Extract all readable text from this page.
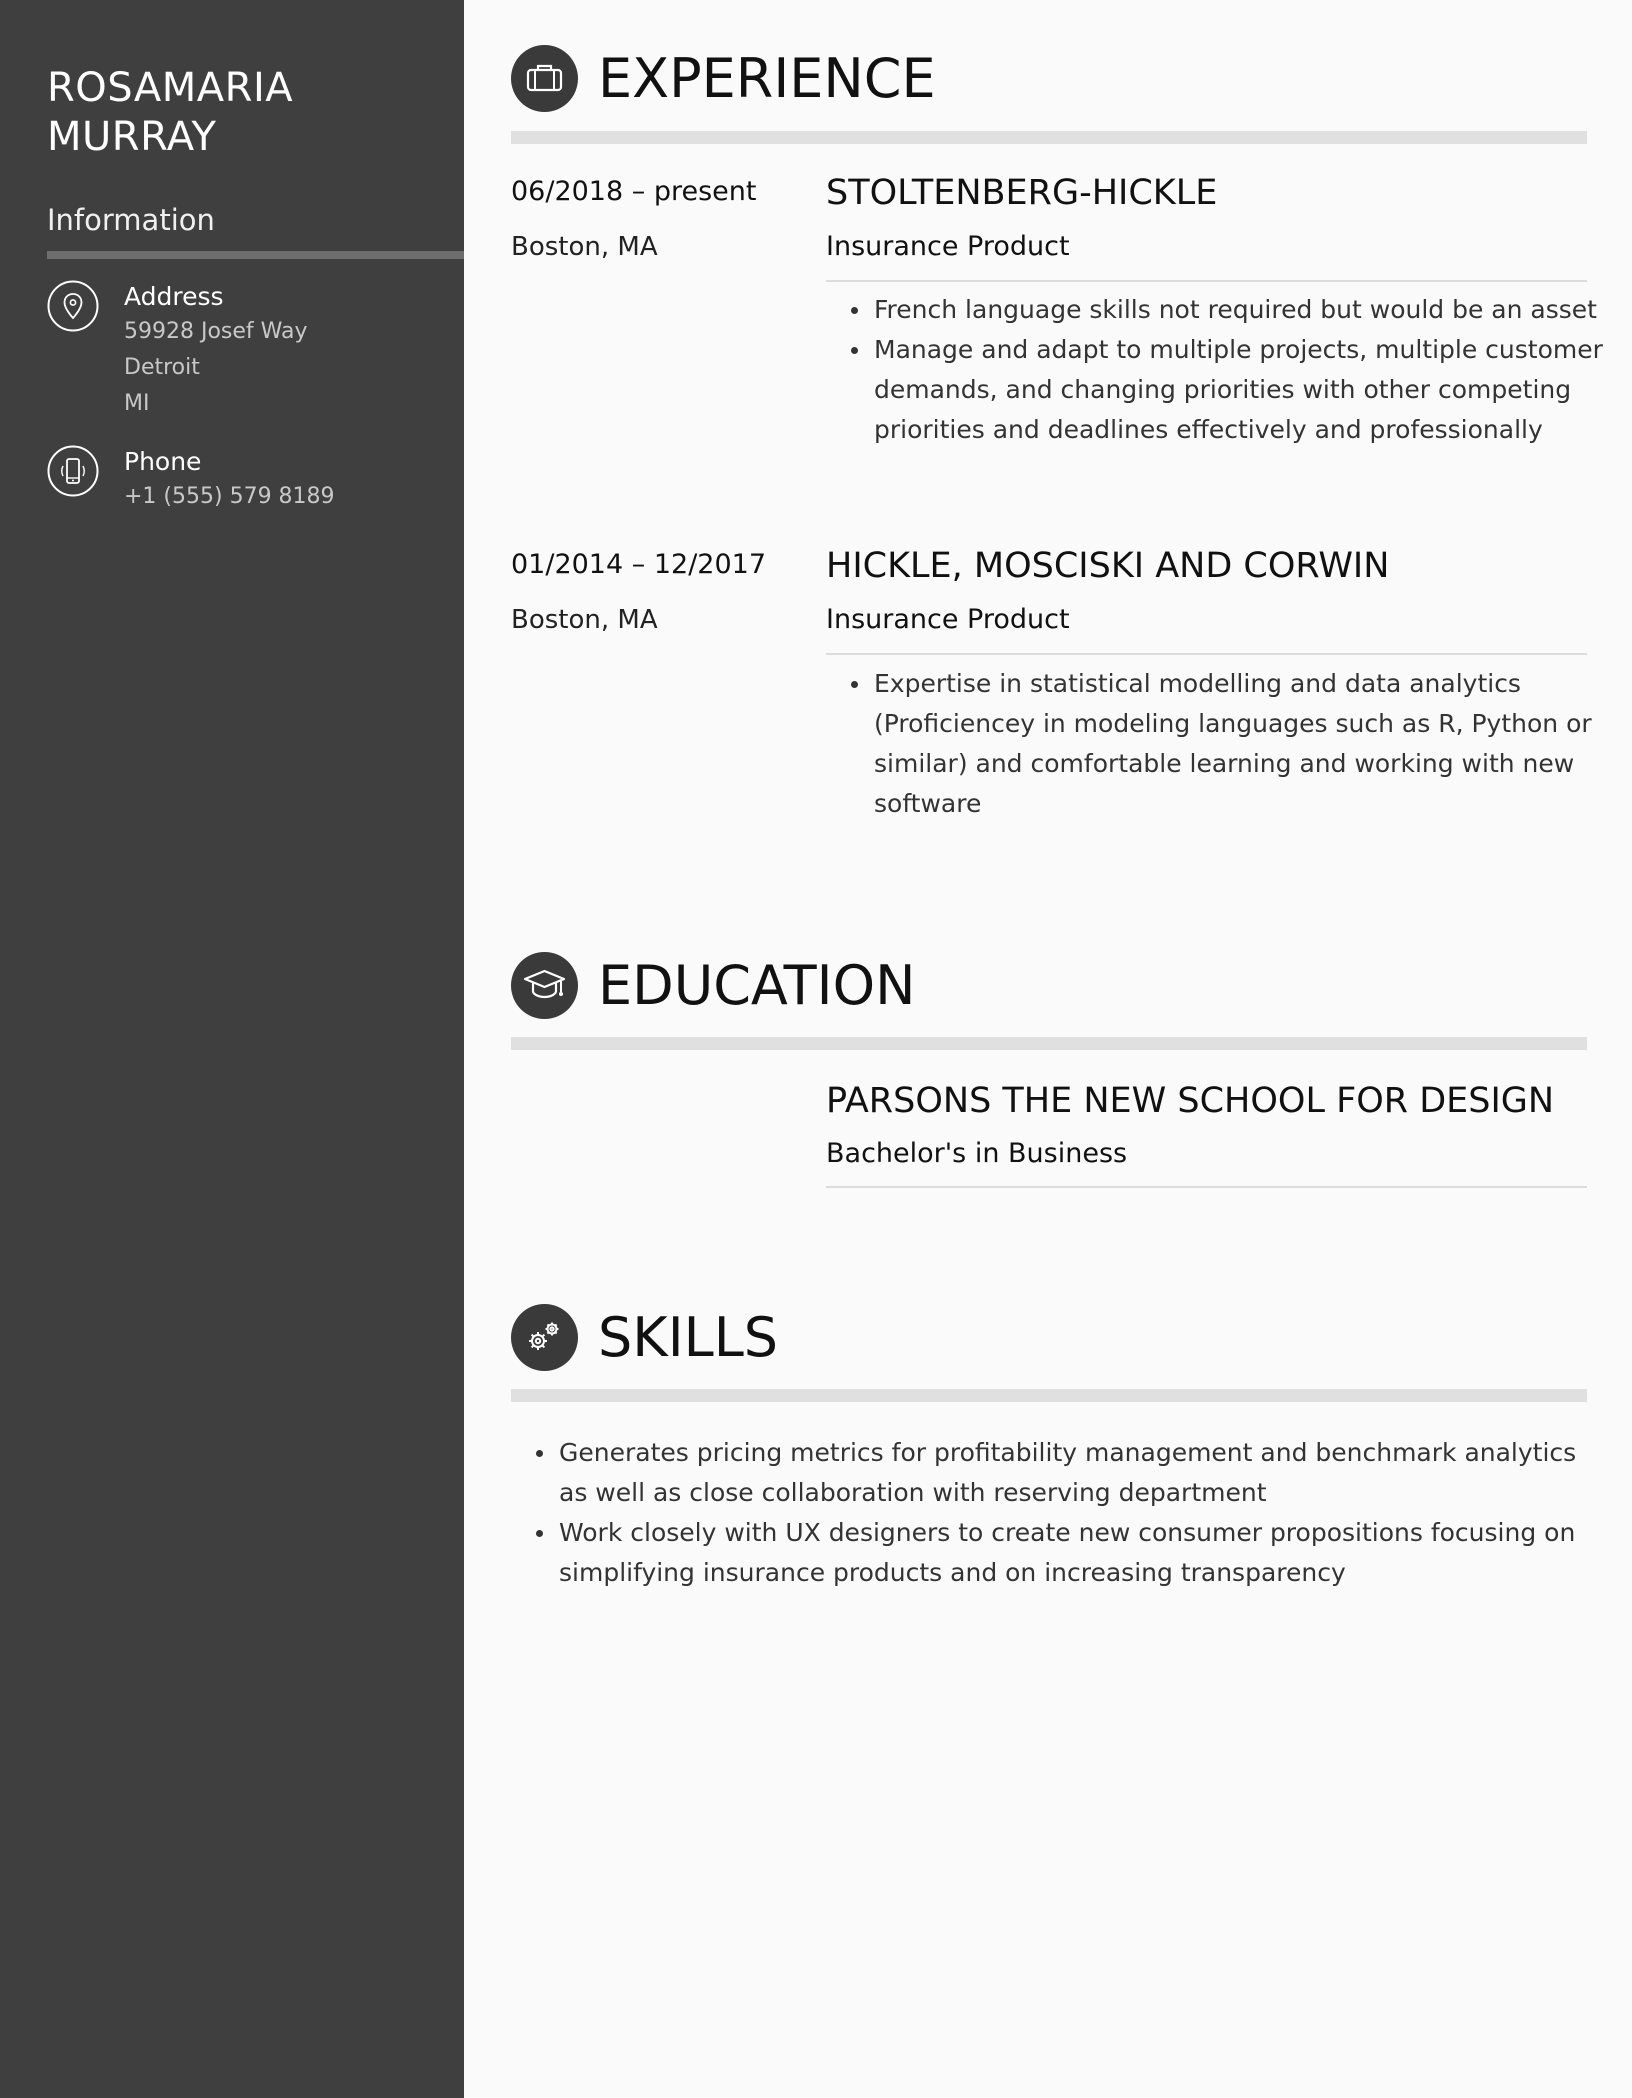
ROSAMARIA
MURRAY
Information
Address
59928 Josef Way
Detroit
MI
Phone
+1 (555) 579 8189
EXPERIENCE
06/2018 – present
Boston, MA
STOLTENBERG-HICKLE
Insurance Product
French language skills not required but would be an asset
Manage and adapt to multiple projects, multiple customer demands, and changing priorities with other competing priorities and deadlines effectively and professionally
01/2014 – 12/2017
Boston, MA
HICKLE, MOSCISKI AND CORWIN
Insurance Product
Expertise in statistical modelling and data analytics (Proficiencey in modeling languages such as R, Python or similar) and comfortable learning and working with new software
EDUCATION
PARSONS THE NEW SCHOOL FOR DESIGN
Bachelor's in Business
SKILLS
Generates pricing metrics for profitability management and benchmark analytics as well as close collaboration with reserving department
Work closely with UX designers to create new consumer propositions focusing on simplifying insurance products and on increasing transparency
